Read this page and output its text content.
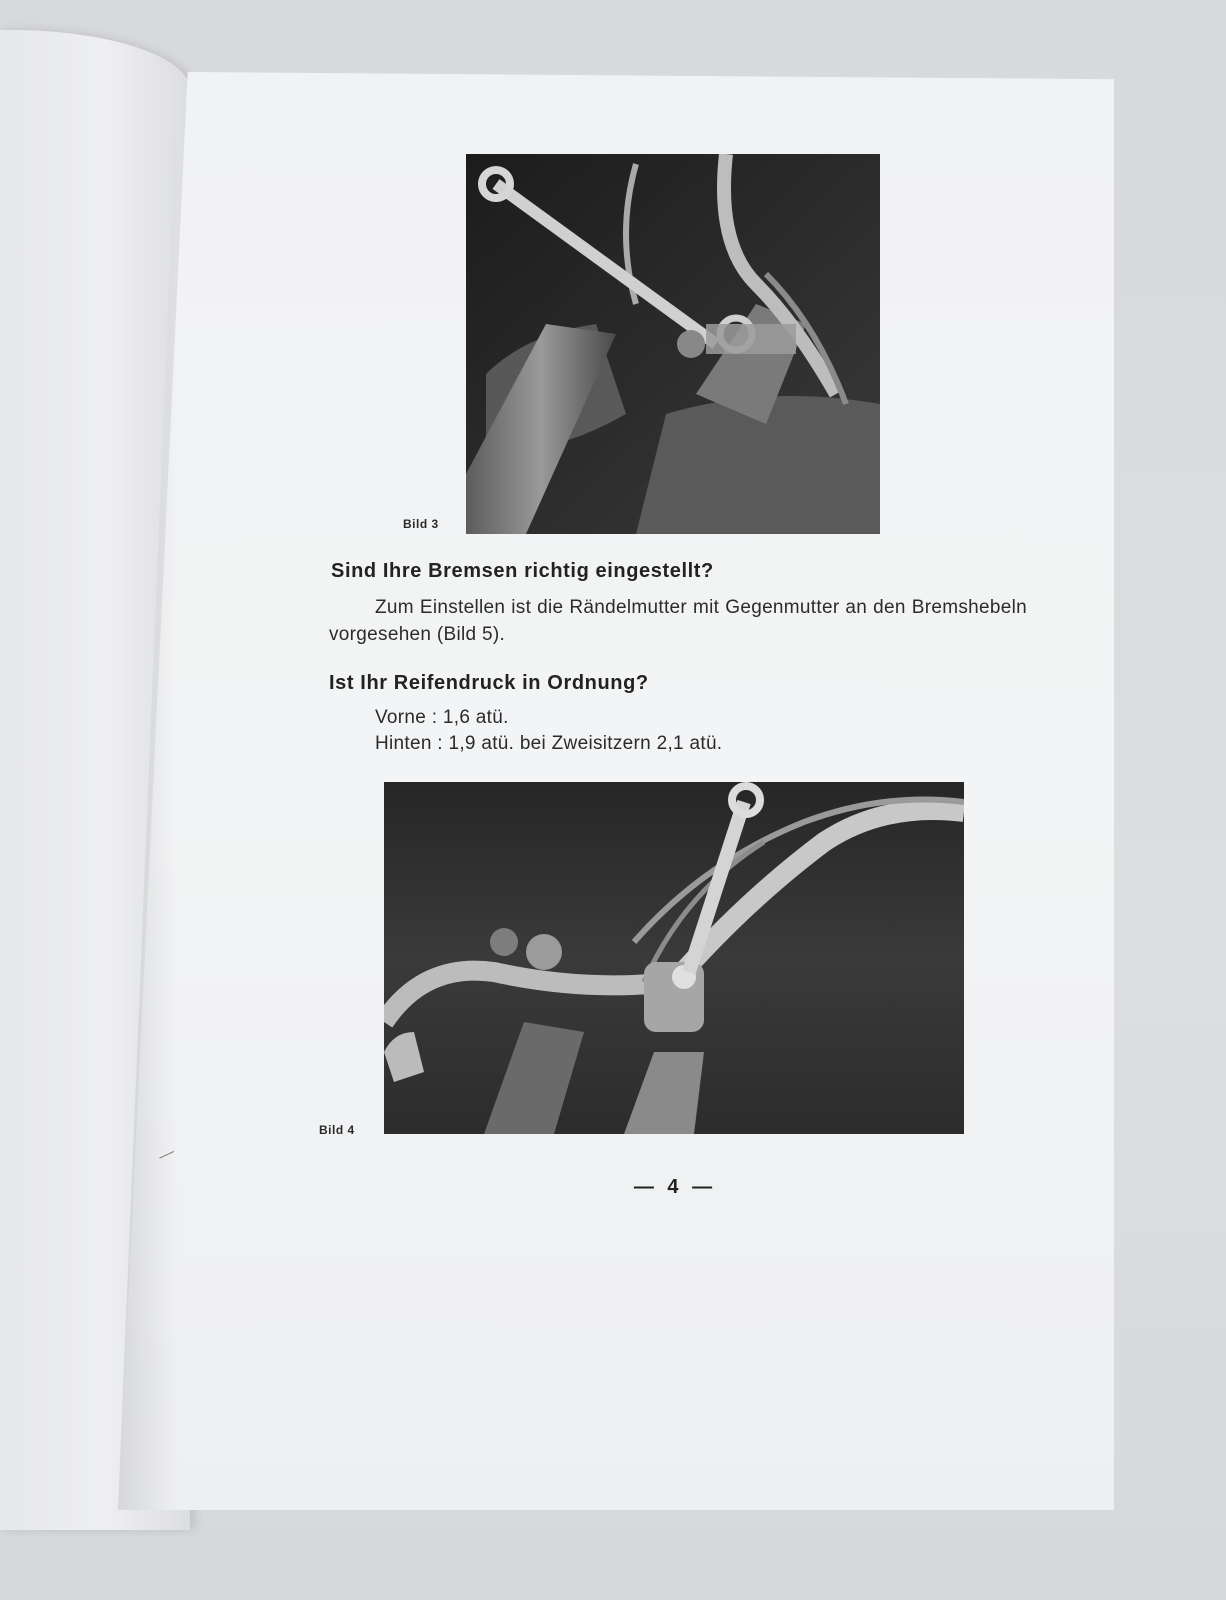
Bild 3
Sind Ihre Bremsen richtig eingestellt?
Zum Einstellen ist die Rändelmutter mit Gegenmutter an den Bremshebeln vorgesehen (Bild 5).
Ist Ihr Reifendruck in Ordnung?
Vorne : 1,6 atü.
Hinten : 1,9 atü. bei Zweisitzern 2,1 atü.
Bild 4
— 4 —
